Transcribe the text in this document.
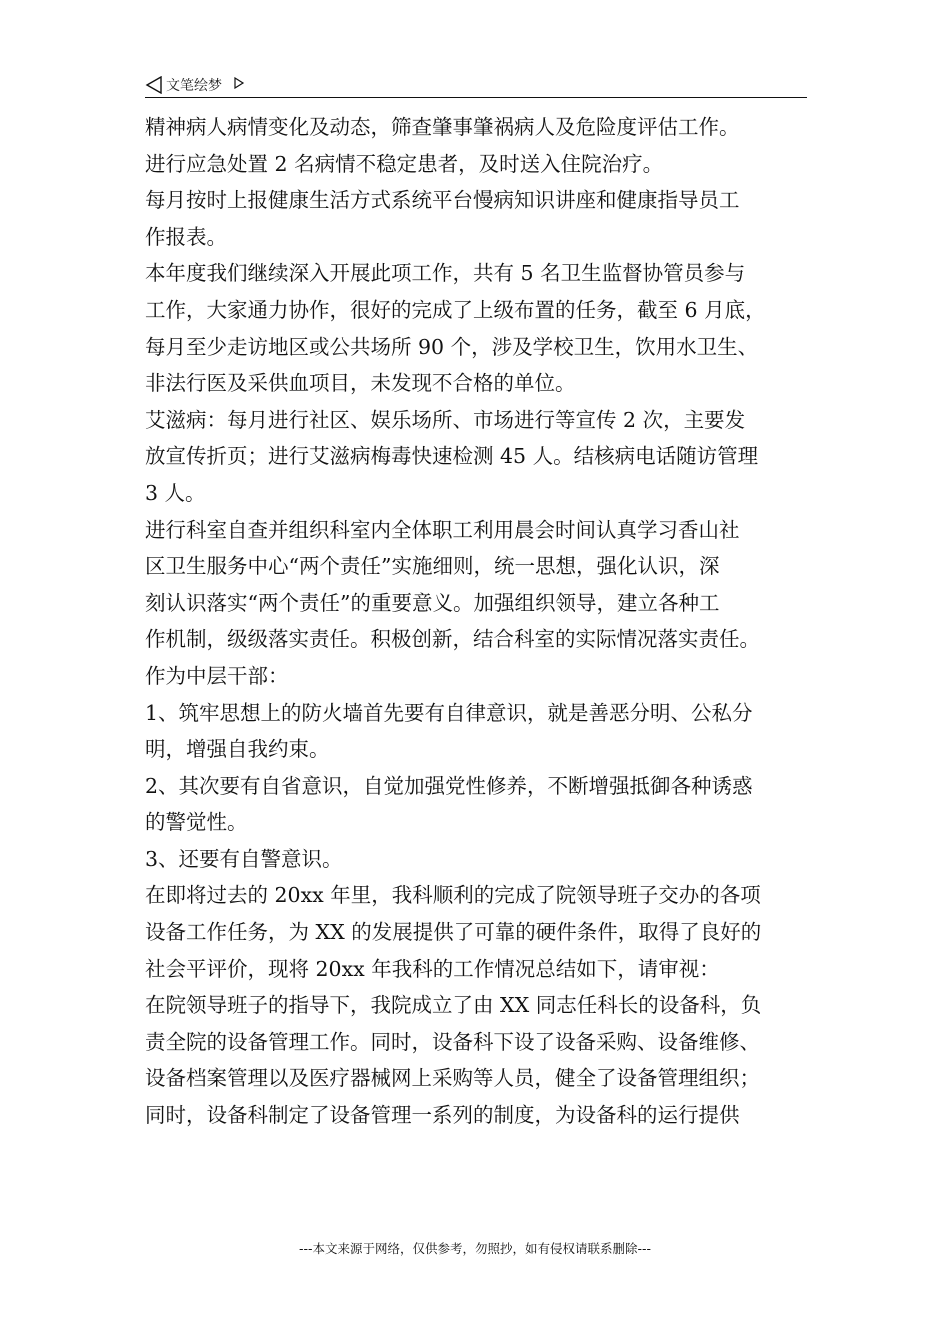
文笔绘梦
精神病人病情变化及动态，筛查肇事肇祸病人及危险度评估工作。
进行应急处置 2 名病情不稳定患者，及时送入住院治疗。
每月按时上报健康生活方式系统平台慢病知识讲座和健康指导员工
作报表。
本年度我们继续深入开展此项工作，共有 5 名卫生监督协管员参与
工作，大家通力协作，很好的完成了上级布置的任务，截至 6 月底，
每月至少走访地区或公共场所 90 个，涉及学校卫生，饮用水卫生、
非法行医及采供血项目，未发现不合格的单位。
艾滋病：每月进行社区、娱乐场所、市场进行等宣传 2 次，主要发
放宣传折页；进行艾滋病梅毒快速检测 45 人。结核病电话随访管理
3 人。
进行科室自查并组织科室内全体职工利用晨会时间认真学习香山社
区卫生服务中心“两个责任”实施细则，统一思想，强化认识，深
刻认识落实“两个责任”的重要意义。加强组织领导，建立各种工
作机制，级级落实责任。积极创新，结合科室的实际情况落实责任。
作为中层干部：
1、筑牢思想上的防火墙首先要有自律意识，就是善恶分明、公私分
明，增强自我约束。
2、其次要有自省意识，自觉加强党性修养，不断增强抵御各种诱惑
的警觉性。
3、还要有自警意识。
在即将过去的 20xx 年里，我科顺利的完成了院领导班子交办的各项
设备工作任务，为 XX 的发展提供了可靠的硬件条件，取得了良好的
社会平评价，现将 20xx 年我科的工作情况总结如下，请审视：
在院领导班子的指导下，我院成立了由 XX 同志任科长的设备科，负
责全院的设备管理工作。同时，设备科下设了设备采购、设备维修、
设备档案管理以及医疗器械网上采购等人员，健全了设备管理组织；
同时，设备科制定了设备管理一系列的制度，为设备科的运行提供
---本文来源于网络，仅供参考，勿照抄，如有侵权请联系删除---
